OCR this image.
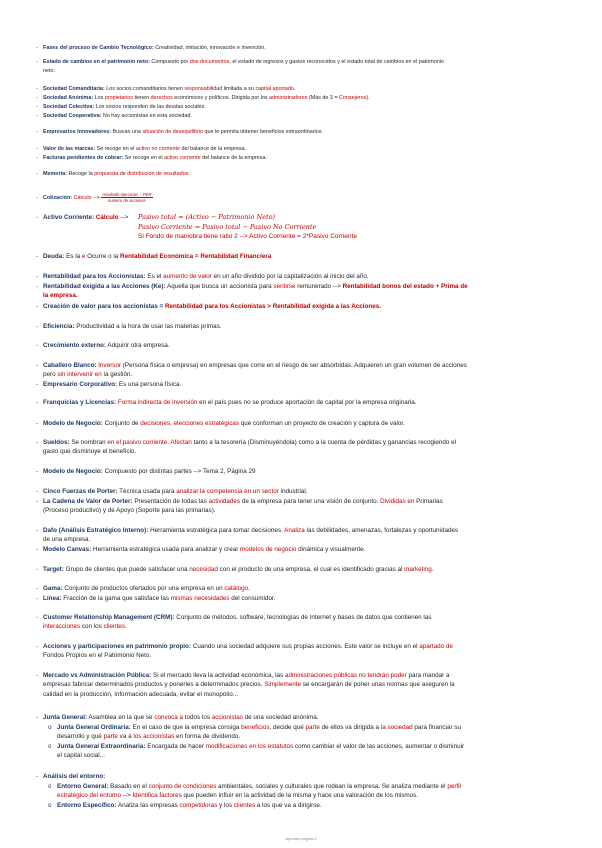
- Fases del proceso de Cambio Tecnológico: Creatividad, imitación, innovación e invención.
- Estado de cambios en el patrimonio neto: Compuesto por dos documentos, el estado de ingresos y gastos reconocidos y el estado total de cambios en el patrimonio
neto.
- Sociedad Comanditaria: Los socios comanditarios tienen responsabilidad limitada a su capital aportado.
- Sociedad Anónima: Los propietarios tienen derechos económicos y políticos. Dirigida por los administradores (Más de 3 = Consejeros).
- Sociedad Colectiva: Los socios responden de las deudas sociales.
- Sociedad Cooperativa: No hay accionistas en esta sociedad.
- Empresarios Innovadores: Buscan una situación de desequilibrio que le permita obtener beneficios extraordinarios.
- Valor de las marcas: Se recoge en el activo no corriente del balance de la empresa.
- Facturas pendientes de cobrar: Se recoge en el activo corriente del balance de la empresa.
- Memoria: Recoge la propuesta de distribución de resultados.
- Cotización: Cálculo --> $\frac{\text{resultado ejercicios − PER}}{\text{numero de acciones}}$
- Activo Corriente: Cálculo -->	Pasivo total = (Activo − Patrimonio Neto)
Pasivo Corriente = Pasivo total − Pasivo No Corriente
Si Fondo de maniobra tiene ratio 2 --> Activo Corriente = 2*Pasivo Corriente
- Deuda: Es la e Ocurre o la Rentabilidad Económica = Rentabilidad Financiera
- Rentabilidad para los Accionistas: Es el aumento de valor en un año dividido por la capitalización al inicio del año.
- Rentabilidad exigida a las Acciones (Ke): Aquella que busca un accionista para sentirse remunerado --> Rentabilidad bonos del estado + Prima de
la empresa.
- Creación de valor para los accionistas = Rentabilidad para los Accionistas > Rentabilidad exigida a las Acciones.
- Eficiencia: Productividad a la hora de usar las materias primas.
- Crecimiento externo: Adquirir otra empresa.
- Caballero Blanco: Inversor (Persona física o empresa) en empresas que corre en el riesgo de ser absorbidas. Adquieren un gran volumen de acciones
pero sin intervenir en la gestión.
- Empresario Corporativo: Es una persona física.
- Franquicias y Licencias: Forma indirecta de inversión en el país pues no se produce aportación de capital por la empresa originaria.
- Modelo de Negocio: Conjunto de decisiones, elecciones estratégicas que conforman un proyecto de creación y captura de valor.
- Sueldos: Se nombran en el pasivo corriente. Afectan tanto a la tesorería (Disminuyéndola) como a la cuenta de pérdidas y ganancias recogiendo el
gasto que disminuye el beneficio.
- Modelo de Negocio: Compuesto por distintas partes --> Tema 2, Página 29
- Cinco Fuerzas de Porter: Técnica usada para analizar la competencia en un sector industrial.
- La Cadena de Valor de Porter: Presentación de todas las actividades de la empresa para tener una visión de conjunto. Divididas en Primarias
(Proceso productivo) y de Apoyo (Soporte para las primarias).
- Dafo (Análisis Estratégico Interno): Herramienta estratégica para tomar decisiones. Analiza las debilidades, amenazas, fortalezas y oportunidades
de una empresa.
- Modelo Canvas: Herramienta estratégica usada para analizar y crear modelos de negocio dinámica y visualmente.
- Target: Grupo de clientes que puede satisfacer una necesidad con el producto de una empresa, el cual es identificado gracias al marketing.
- Gama: Conjunto de productos ofertados por una empresa en un catálogo.
- Línea: Fracción de la gama que satisface las mismas necesidades del consumidor.
- Customer Relationship Management (CRM): Conjunto de métodos, software, tecnologías de Internet y bases de datos que contienen las
interacciones con los clientes.
- Acciones y participaciones en patrimonio propio: Cuando una sociedad adquiere sus propias acciones. Este valor se incluye en el apartado de
Fondos Propios en el Patrimonio Neto.
- Mercado vs Administración Pública: Si el mercado lleva la actividad económica, las administraciones públicas no tendrán poder para mandar a
empresas fabricar determinados productos y ponerles a determinados precios. Simplemente se encargarán de poner unas normas que aseguren la
calidad en la producción, información adecuada, evitar el monopolio...
- Junta General: Asamblea en la que se convoca a todos los accionistas de una sociedad anónima.
o Junta General Ordinaria: En el caso de que la empresa consiga beneficios, decide qué parte de ellos va dirigida a la sociedad para financiar su
desarrollo y qué parte va a los accionistas en forma de dividendo.
o Junta General Extraordinaria: Encargada de hacer modificaciones en los estatutos como cambiar el valor de las acciones, aumentar o disminuir
el capital social...
- Análisis del entorno:
o Entorno General: Basado en el conjunto de condiciones ambientales, sociales y culturales que rodean la empresa. Se analiza mediante el perfil
estratégico del entorno --> Identifica factores que pueden influir en la actividad de la misma y hace una valoración de los mismos.
o Entorno Específico: Analiza las empresas competidoras y los clientes a los que va a dirigirse.
Apuntes página 2
